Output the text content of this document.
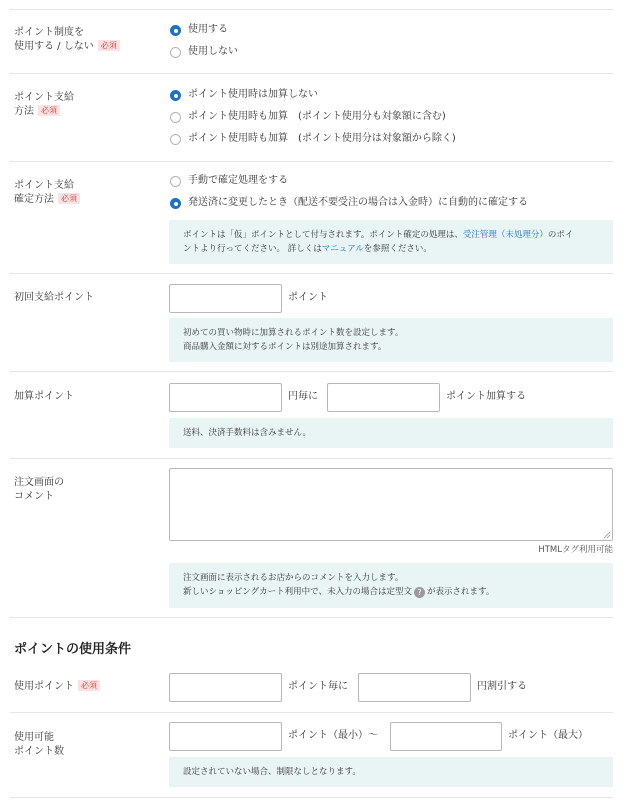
ポイント制度を
使用する / しない 必須
使用する
使用しない
ポイント支給
方法 必須
ポイント使用時は加算しない
ポイント使用時も加算　(ポイント使用分も対象額に含む)
ポイント使用時も加算　(ポイント使用分は対象額から除く)
ポイント支給
確定方法 必須
手動で確定処理をする
発送済に変更したとき（配送不要受注の場合は入金時）に自動的に確定する
ポイントは「仮」ポイントとして付与されます。ポイント確定の処理は、受注管理（未処理分）のポイ
ントより行ってください。 詳しくはマニュアルを参照ください。
初回支給ポイント	ポイント
初めての買い物時に加算されるポイント数を設定します。
商品購入金額に対するポイントは別途加算されます。
加算ポイント	円毎に	ポイント加算する
送料、決済手数料は含みません。
注文画面の
コメント
HTMLタグ利用可能
注文画面に表示されるお店からのコメントを入力します。
新しいショッピングカート利用中で、未入力の場合は定型文 ? が表示されます。
ポイントの使用条件
使用ポイント 必須	ポイント毎に	円割引する
使用可能
ポイント数
ポイント（最小）〜	ポイント（最大）
設定されていない場合、制限なしとなります。
